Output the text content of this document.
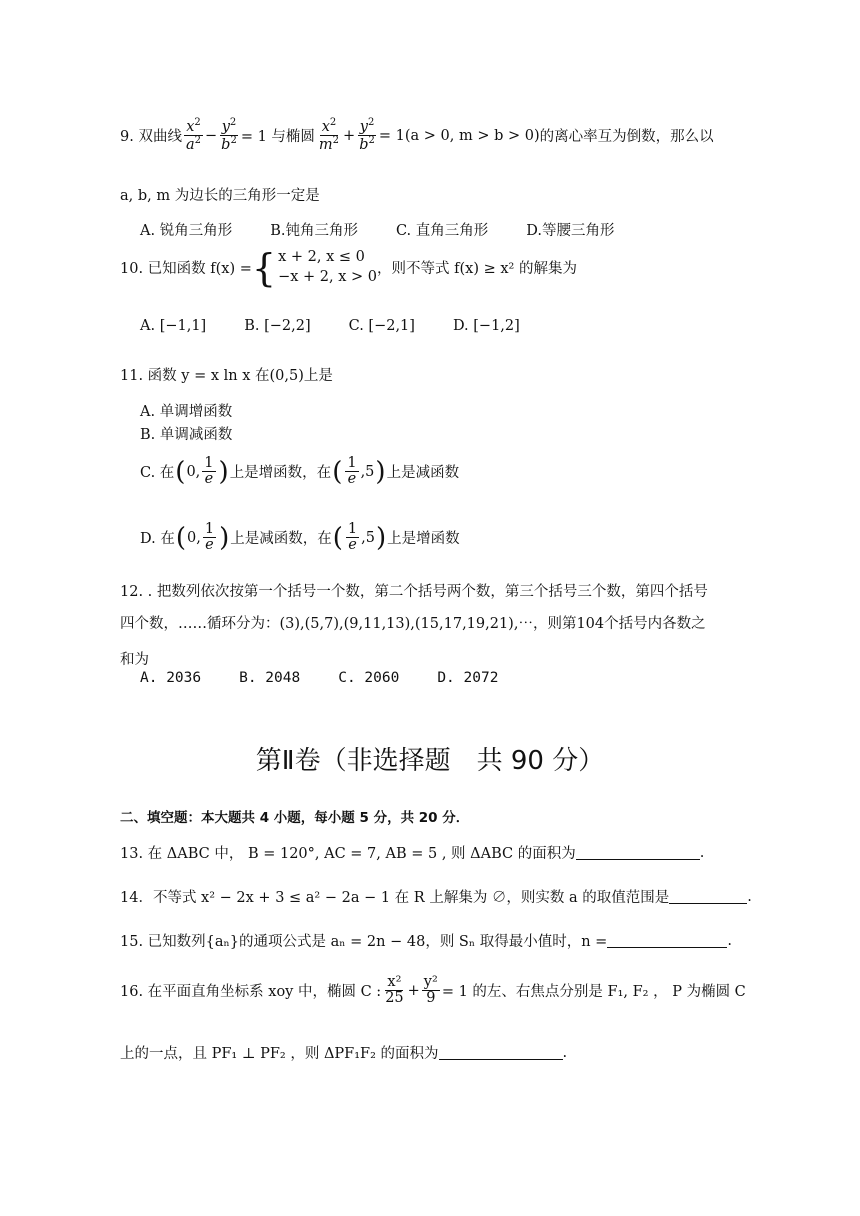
9. 双曲线 $\frac{x^2}{a^2} - \frac{y^2}{b^2} = 1$ 与椭圆 $\frac{x^2}{m^2} + \frac{y^2}{b^2} = 1(a > 0$, m > b > 0) 的离心率互为倒数，那么以
a, b, m 为边长的三角形一定是
A. 锐角三角形	B.钝角三角形	C. 直角三角形	D.等腰三角形
10. 已知函数 f(x) = { x + 2, x ≤ 0
−x + 2, x > 0 ，则不等式 f(x) ≥ x² 的解集为
A. [−1,1]	B. [−2,2]	C. [−2,1]	D. [−1,2]
11. 函数 y = x ln x 在(0,5)上是
A. 单调增函数
B. 单调减函数
C. 在 ( 0, $\frac{1}{e}$ ) 上是增函数，在 ( $\frac{1}{e} ,5$ ) 上是减函数
D. 在 ( 0, $\frac{1}{e}$ ) 上是减函数，在 ( $\frac{1}{e} ,5$ ) 上是增函数
12. . 把数列依次按第一个括号一个数，第二个括号两个数，第三个括号三个数，第四个括号
四个数，……循环分为：(3),(5,7),(9,11,13),(15,17,19,21),⋯，则第104个括号内各数之
和为
A. 2036	B. 2048	C. 2060	D. 2072
第Ⅱ卷（非选择题　共 90 分）
二、填空题：本大题共 4 小题，每小题 5 分，共 20 分．
13. 在 ΔABC 中， B = 120°, AC = 7, AB = 5 , 则 ΔABC 的面积为	.
14．不等式 x² − 2x + 3 ≤ a² − 2a − 1 在 R 上解集为 ∅，则实数 a 的取值范围是	.
15. 已知数列{aₙ}的通项公式是 aₙ = 2n − 48，则 Sₙ 取得最小值时，n =	.
16. 在平面直角坐标系 xoy 中，椭圆 C : $\frac{\text{x²}}{25} + \frac{\text{y²}}{9} = 1$ 的左、右焦点分别是 F₁, F₂ ， P 为椭圆 C
上的一点，且 PF₁ ⊥ PF₂ ，则 ΔPF₁F₂ 的面积为	.
